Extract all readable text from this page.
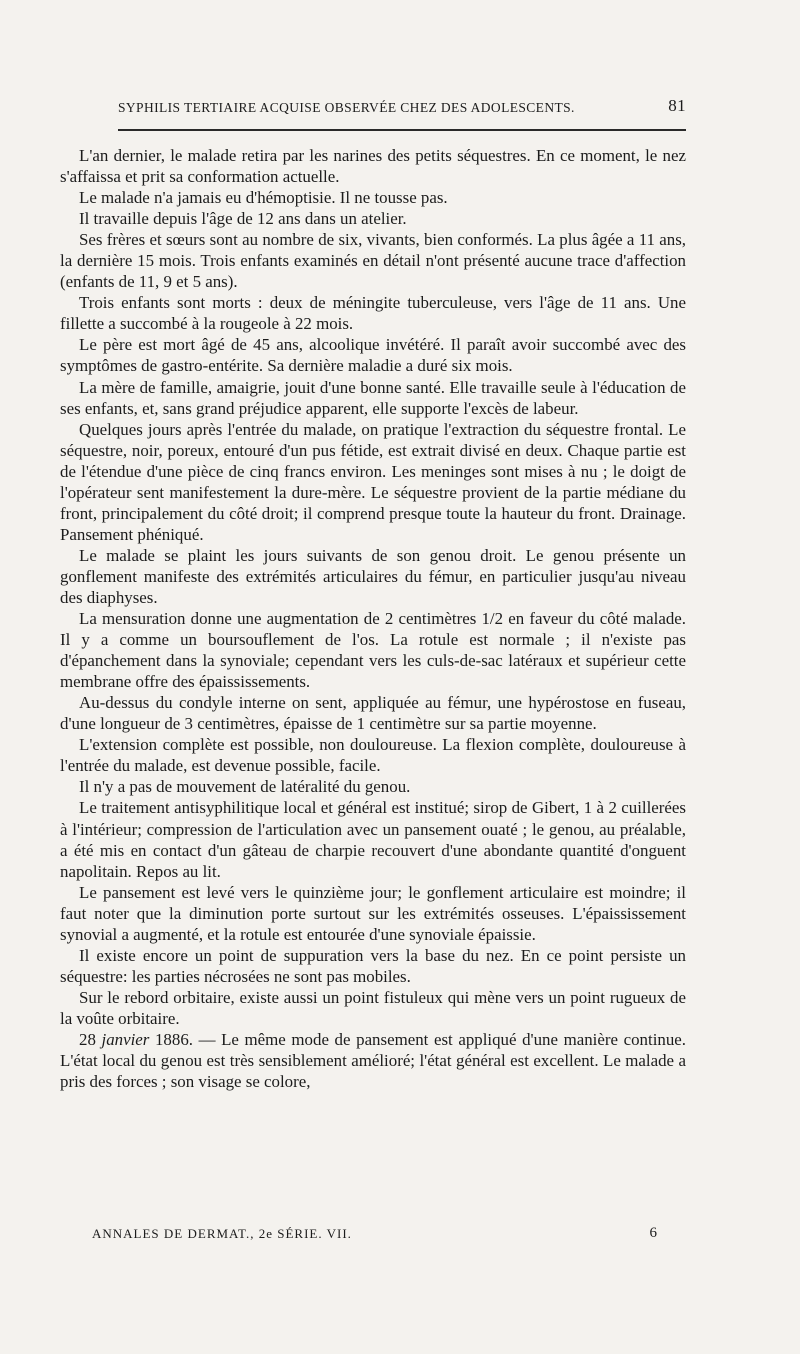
SYPHILIS TERTIAIRE ACQUISE OBSERVÉE CHEZ DES ADOLESCENTS.	81

L'an dernier, le malade retira par les narines des petits séquestres. En ce moment, le nez s'affaissa et prit sa conformation actuelle.

Le malade n'a jamais eu d'hémoptisie. Il ne tousse pas.

Il travaille depuis l'âge de 12 ans dans un atelier.

Ses frères et sœurs sont au nombre de six, vivants, bien conformés. La plus âgée a 11 ans, la dernière 15 mois. Trois enfants examinés en détail n'ont présenté aucune trace d'affection (enfants de 11, 9 et 5 ans).

Trois enfants sont morts : deux de méningite tuberculeuse, vers l'âge de 11 ans. Une fillette a succombé à la rougeole à 22 mois.

Le père est mort âgé de 45 ans, alcoolique invétéré. Il paraît avoir succombé avec des symptômes de gastro-entérite. Sa dernière maladie a duré six mois.

La mère de famille, amaigrie, jouit d'une bonne santé. Elle travaille seule à l'éducation de ses enfants, et, sans grand préjudice apparent, elle supporte l'excès de labeur.

Quelques jours après l'entrée du malade, on pratique l'extraction du séquestre frontal. Le séquestre, noir, poreux, entouré d'un pus fétide, est extrait divisé en deux. Chaque partie est de l'étendue d'une pièce de cinq francs environ. Les meninges sont mises à nu ; le doigt de l'opérateur sent manifestement la dure-mère. Le séquestre provient de la partie médiane du front, principalement du côté droit; il comprend presque toute la hauteur du front. Drainage. Pansement phéniqué.

Le malade se plaint les jours suivants de son genou droit. Le genou présente un gonflement manifeste des extrémités articulaires du fémur, en particulier jusqu'au niveau des diaphyses.

La mensuration donne une augmentation de 2 centimètres 1/2 en faveur du côté malade. Il y a comme un boursouflement de l'os. La rotule est normale ; il n'existe pas d'épanchement dans la synoviale; cependant vers les culs-de-sac latéraux et supérieur cette membrane offre des épaississements.

Au-dessus du condyle interne on sent, appliquée au fémur, une hypérostose en fuseau, d'une longueur de 3 centimètres, épaisse de 1 centimètre sur sa partie moyenne.

L'extension complète est possible, non douloureuse. La flexion complète, douloureuse à l'entrée du malade, est devenue possible, facile.

Il n'y a pas de mouvement de latéralité du genou.

Le traitement antisyphilitique local et général est institué; sirop de Gibert, 1 à 2 cuillerées à l'intérieur; compression de l'articulation avec un pansement ouaté ; le genou, au préalable, a été mis en contact d'un gâteau de charpie recouvert d'une abondante quantité d'onguent napolitain. Repos au lit.

Le pansement est levé vers le quinzième jour; le gonflement articulaire est moindre; il faut noter que la diminution porte surtout sur les extrémités osseuses. L'épaississement synovial a augmenté, et la rotule est entourée d'une synoviale épaissie.

Il existe encore un point de suppuration vers la base du nez. En ce point persiste un séquestre: les parties nécrosées ne sont pas mobiles.

Sur le rebord orbitaire, existe aussi un point fistuleux qui mène vers un point rugueux de la voûte orbitaire.

28 janvier 1886. — Le même mode de pansement est appliqué d'une manière continue. L'état local du genou est très sensiblement amélioré; l'état général est excellent. Le malade a pris des forces ; son visage se colore,

ANNALES DE DERMAT., 2e SÉRIE. VII.	6
